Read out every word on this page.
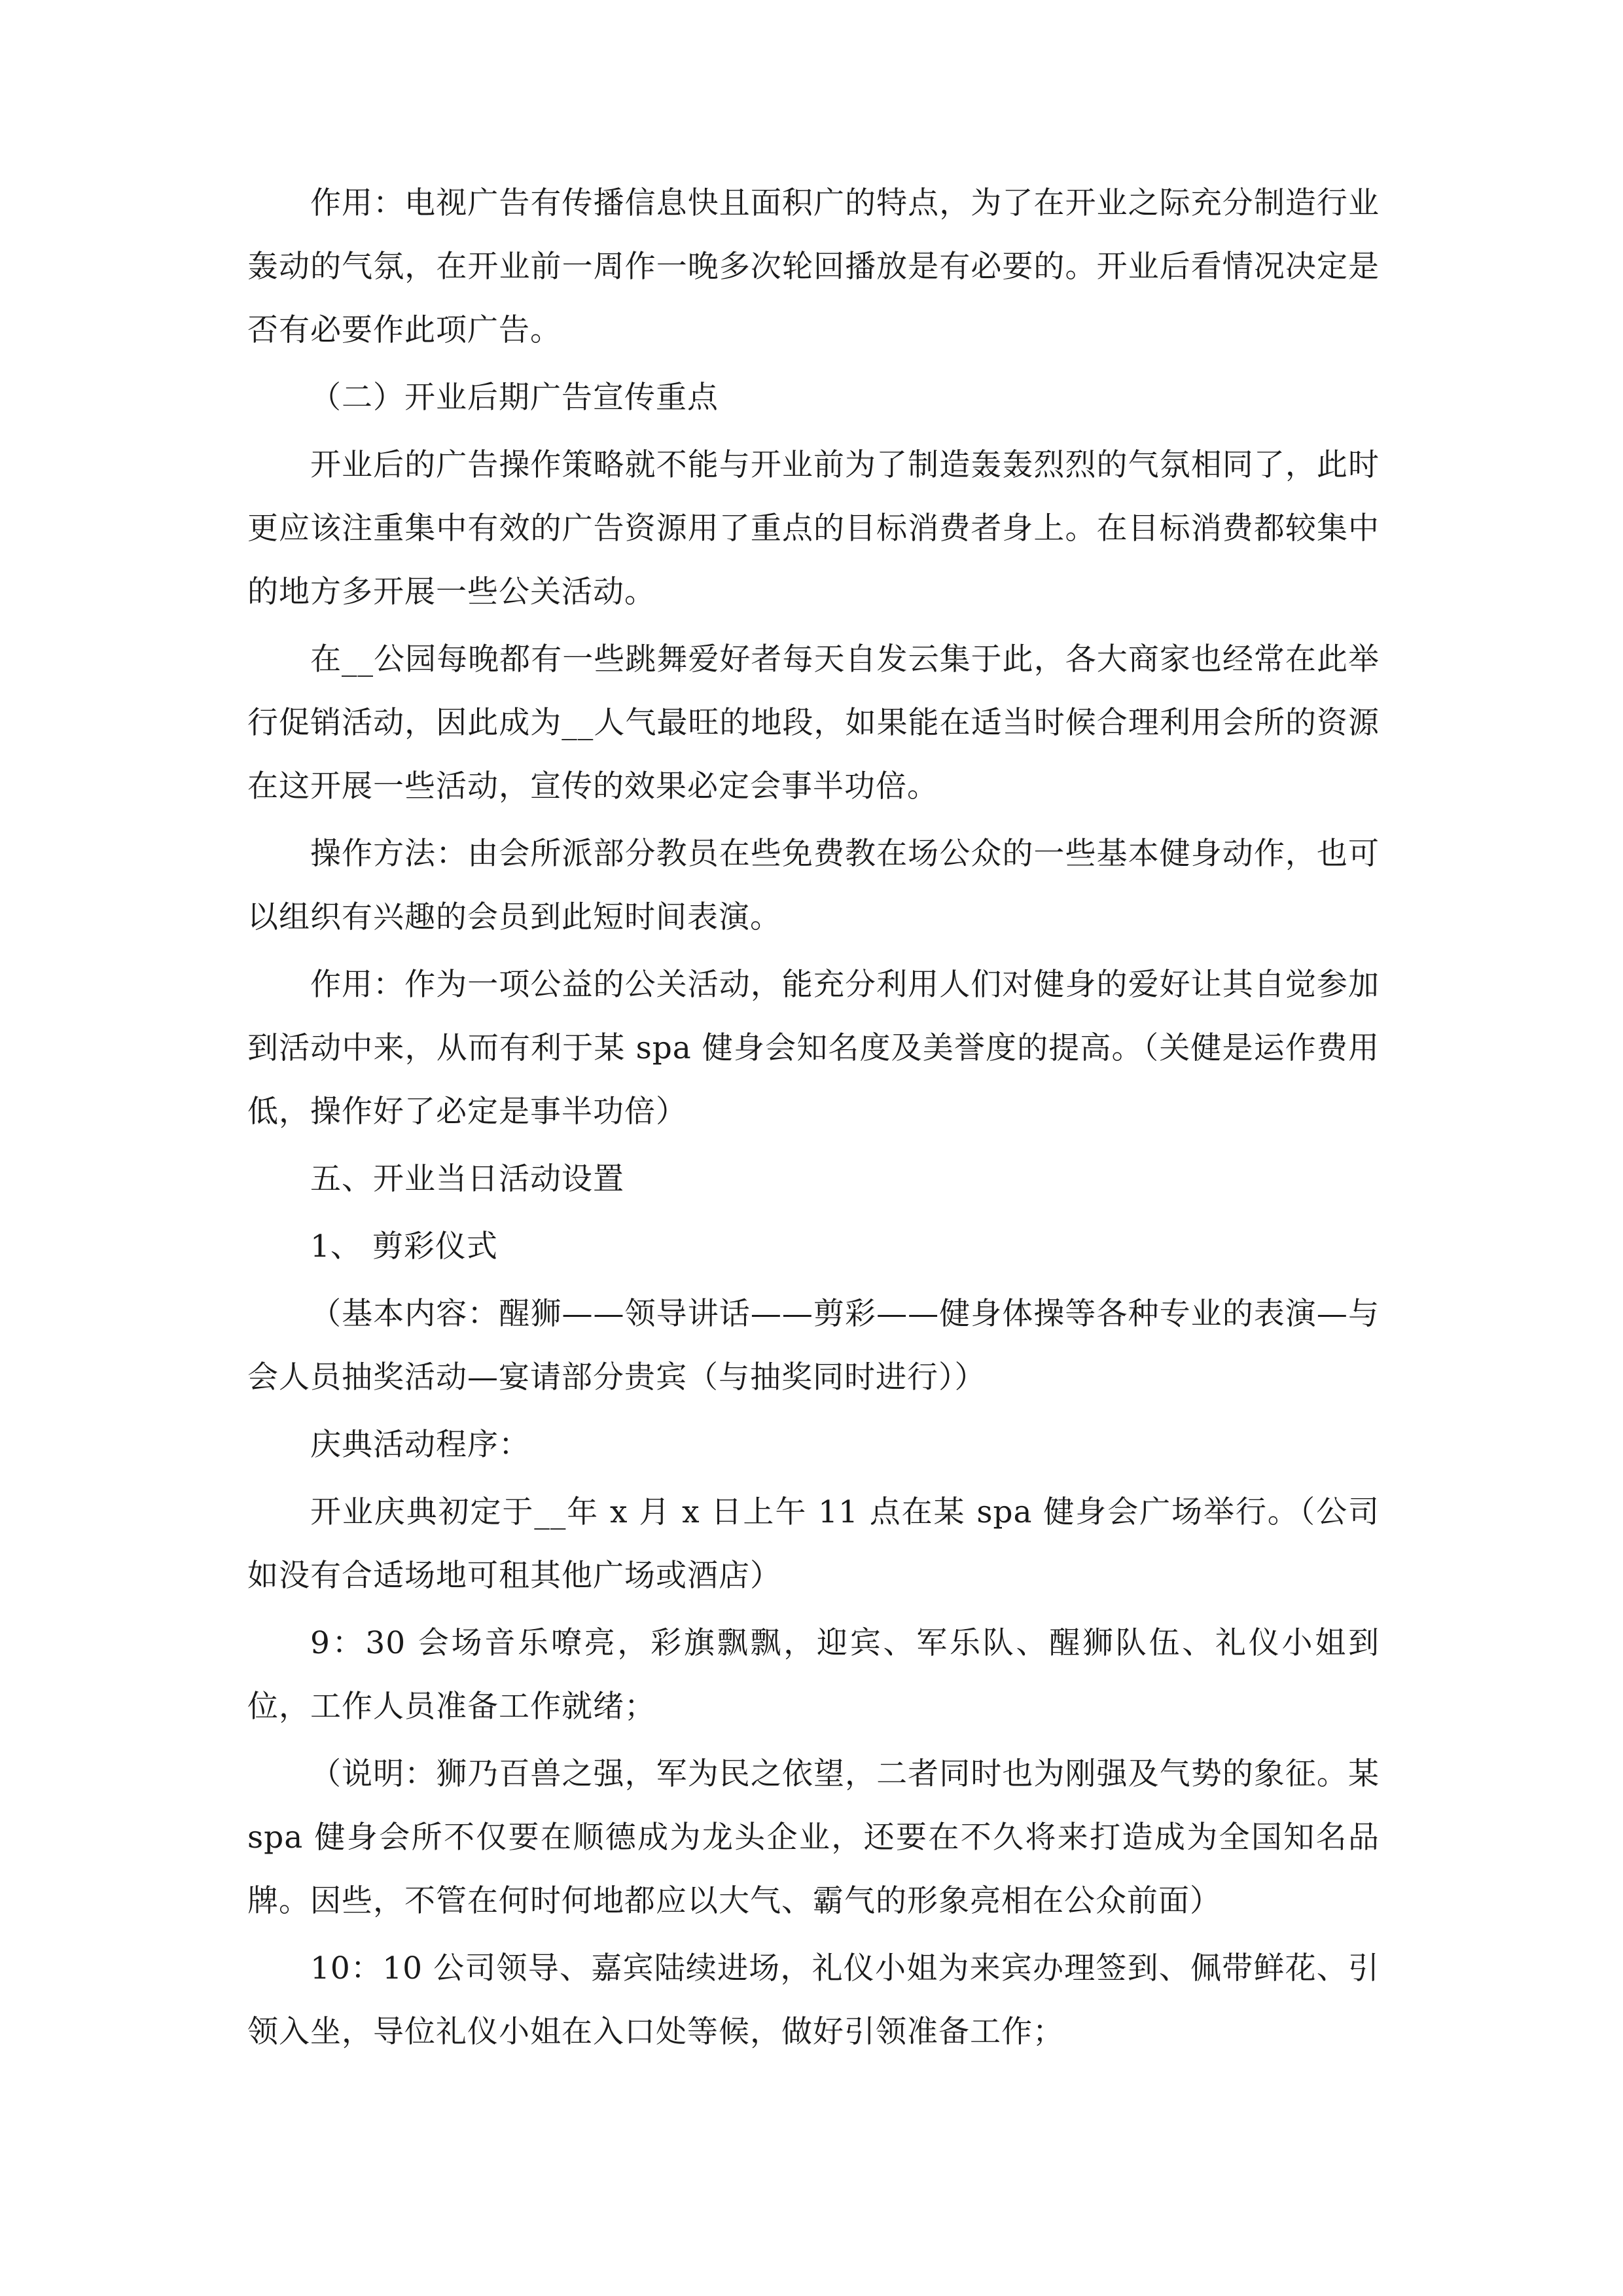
作用：电视广告有传播信息快且面积广的特点，为了在开业之际充分制造行业轰动的气氛，在开业前一周作一晚多次轮回播放是有必要的。开业后看情况决定是否有必要作此项广告。

（二）开业后期广告宣传重点

开业后的广告操作策略就不能与开业前为了制造轰轰烈烈的气氛相同了，此时更应该注重集中有效的广告资源用了重点的目标消费者身上。在目标消费都较集中的地方多开展一些公关活动。

在__公园每晚都有一些跳舞爱好者每天自发云集于此，各大商家也经常在此举行促销活动，因此成为__人气最旺的地段，如果能在适当时候合理利用会所的资源在这开展一些活动，宣传的效果必定会事半功倍。

操作方法：由会所派部分教员在些免费教在场公众的一些基本健身动作，也可以组织有兴趣的会员到此短时间表演。

作用：作为一项公益的公关活动，能充分利用人们对健身的爱好让其自觉参加到活动中来，从而有利于某 spa 健身会知名度及美誉度的提高。（关健是运作费用低，操作好了必定是事半功倍）

五、开业当日活动设置

1、 剪彩仪式

（基本内容：醒狮——领导讲话——剪彩——健身体操等各种专业的表演—与会人员抽奖活动—宴请部分贵宾（与抽奖同时进行））

庆典活动程序：

开业庆典初定于__年 x 月 x 日上午 11 点在某 spa 健身会广场举行。（公司如没有合适场地可租其他广场或酒店）

9：30 会场音乐嘹亮，彩旗飘飘，迎宾、军乐队、醒狮队伍、礼仪小姐到位，工作人员准备工作就绪；

（说明：狮乃百兽之强，军为民之依望，二者同时也为刚强及气势的象征。某 spa 健身会所不仅要在顺德成为龙头企业，还要在不久将来打造成为全国知名品牌。因些，不管在何时何地都应以大气、霸气的形象亮相在公众前面）

10：10 公司领导、嘉宾陆续进场，礼仪小姐为来宾办理签到、佩带鲜花、引领入坐，导位礼仪小姐在入口处等候，做好引领准备工作；
